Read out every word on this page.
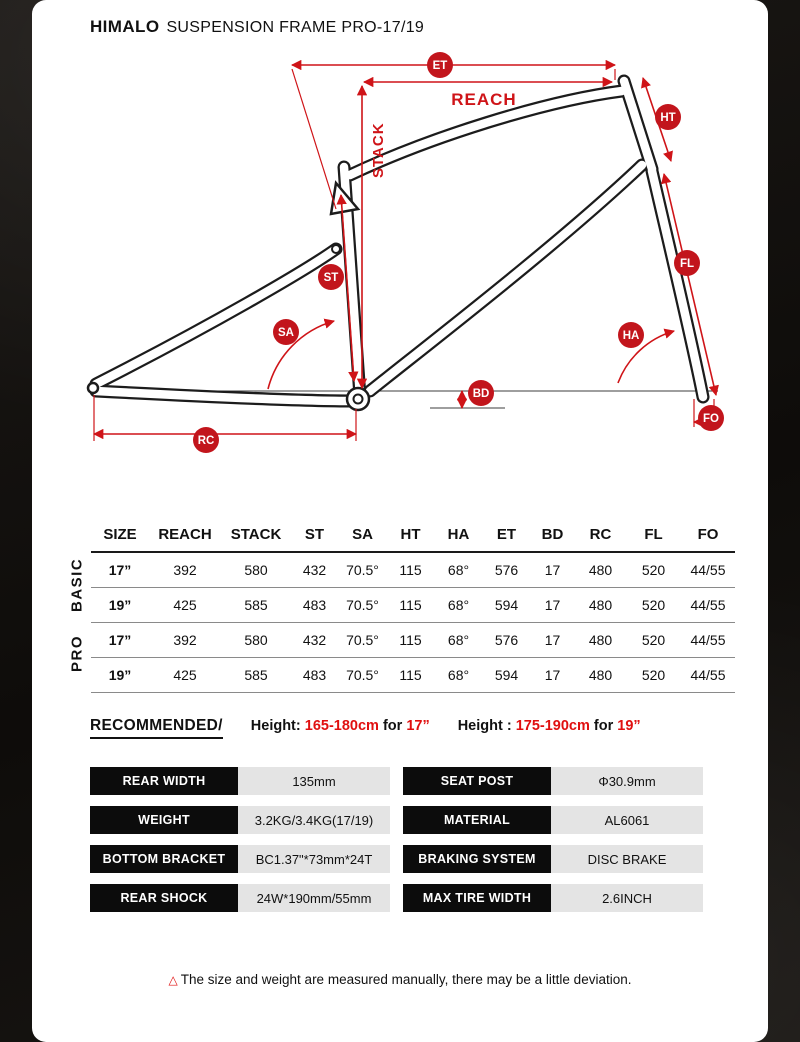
HIMALO SUSPENSION FRAME PRO-17/19
REACH
STACK
ET
HT
FL
ST
SA	HA
BD
FO
RC
BASIC
PRO
SIZE	REACH	STACK	ST	SA	HT	HA	ET	BD	RC	FL	FO
17”	392	580	432	70.5°	115	68°	576	17	480	520	44/55
19”	425	585	483	70.5°	115	68°	594	17	480	520	44/55
17”	392	580	432	70.5°	115	68°	576	17	480	520	44/55
19”	425	585	483	70.5°	115	68°	594	17	480	520	44/55
RECOMMENDED/ Height: 165-180cm for 17” Height : 175-190cm for 19”
REAR WIDTH	135mm	SEAT POST	Φ30.9mm
WEIGHT	3.2KG/3.4KG(17/19)	MATERIAL	AL6061
BOTTOM BRACKET	BC1.37"*73mm*24T	BRAKING SYSTEM	DISC BRAKE
REAR SHOCK	24W*190mm/55mm	MAX TIRE WIDTH	2.6INCH
△ The size and weight are measured manually, there may be a little deviation.
